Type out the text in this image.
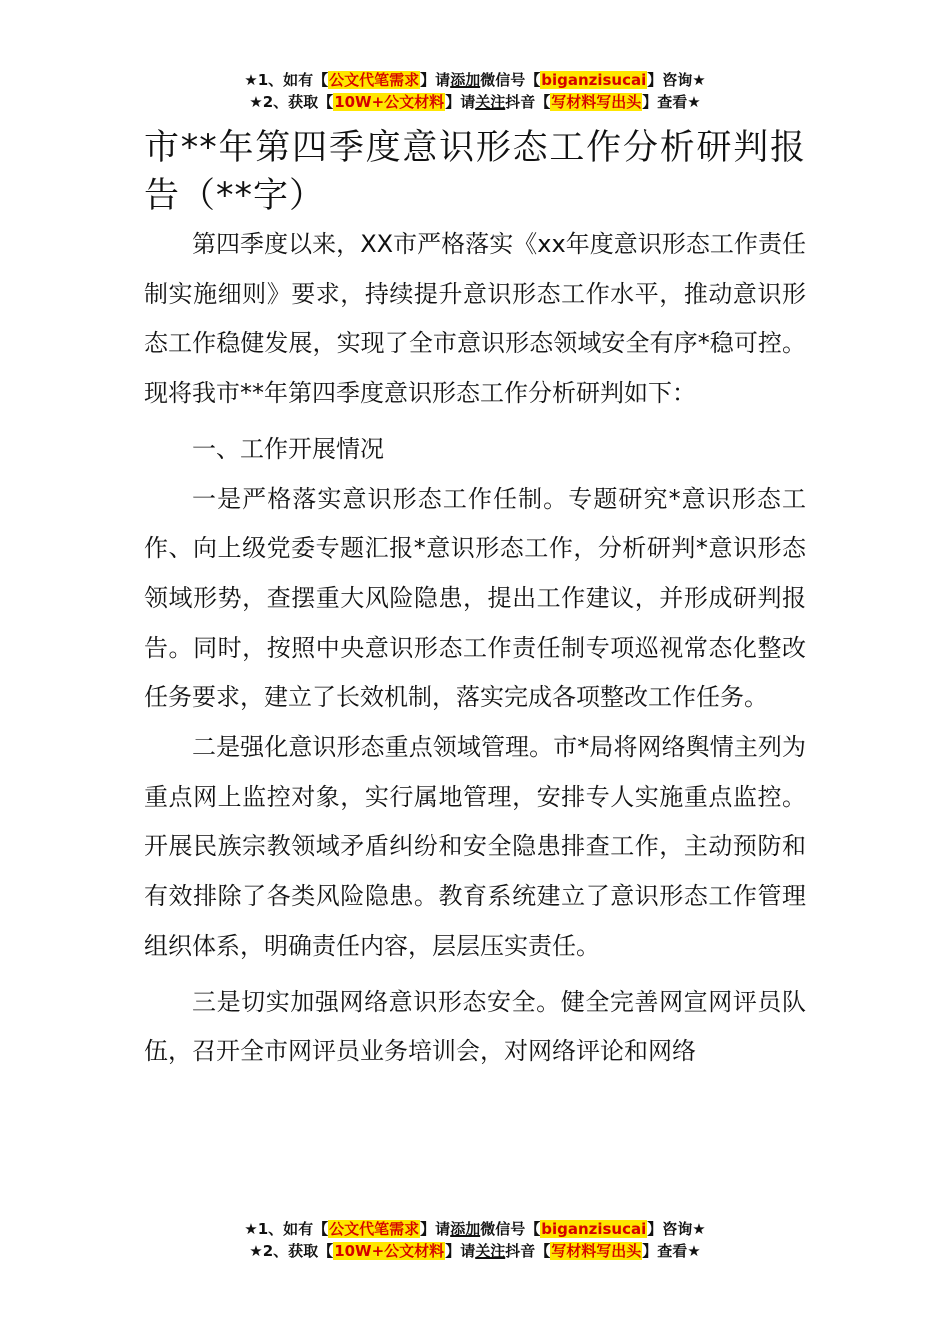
★1、如有【公文代笔需求】请添加微信号【biganzisucai】咨询★
★2、获取【10W+公文材料】请关注抖音【写材料写出头】查看★
市**年第四季度意识形态工作分析研判报告（**字）

第四季度以来，XX市严格落实《xx年度意识形态工作责任制实施细则》要求，持续提升意识形态工作水平，推动意识形态工作稳健发展，实现了全市意识形态领域安全有序*稳可控。现将我市**年第四季度意识形态工作分析研判如下：

一、工作开展情况

一是严格落实意识形态工作任制。专题研究*意识形态工作、向上级党委专题汇报*意识形态工作，分析研判*意识形态领域形势，查摆重大风险隐患，提出工作建议，并形成研判报告。同时，按照中央意识形态工作责任制专项巡视常态化整改任务要求，建立了长效机制，落实完成各项整改工作任务。

二是强化意识形态重点领域管理。市*局将网络舆情主列为重点网上监控对象，实行属地管理，安排专人实施重点监控。开展民族宗教领域矛盾纠纷和安全隐患排查工作，主动预防和有效排除了各类风险隐患。教育系统建立了意识形态工作管理组织体系，明确责任内容，层层压实责任。

三是切实加强网络意识形态安全。健全完善网宣网评员队伍，召开全市网评员业务培训会，对网络评论和网络

★1、如有【公文代笔需求】请添加微信号【biganzisucai】咨询★
★2、获取【10W+公文材料】请关注抖音【写材料写出头】查看★
